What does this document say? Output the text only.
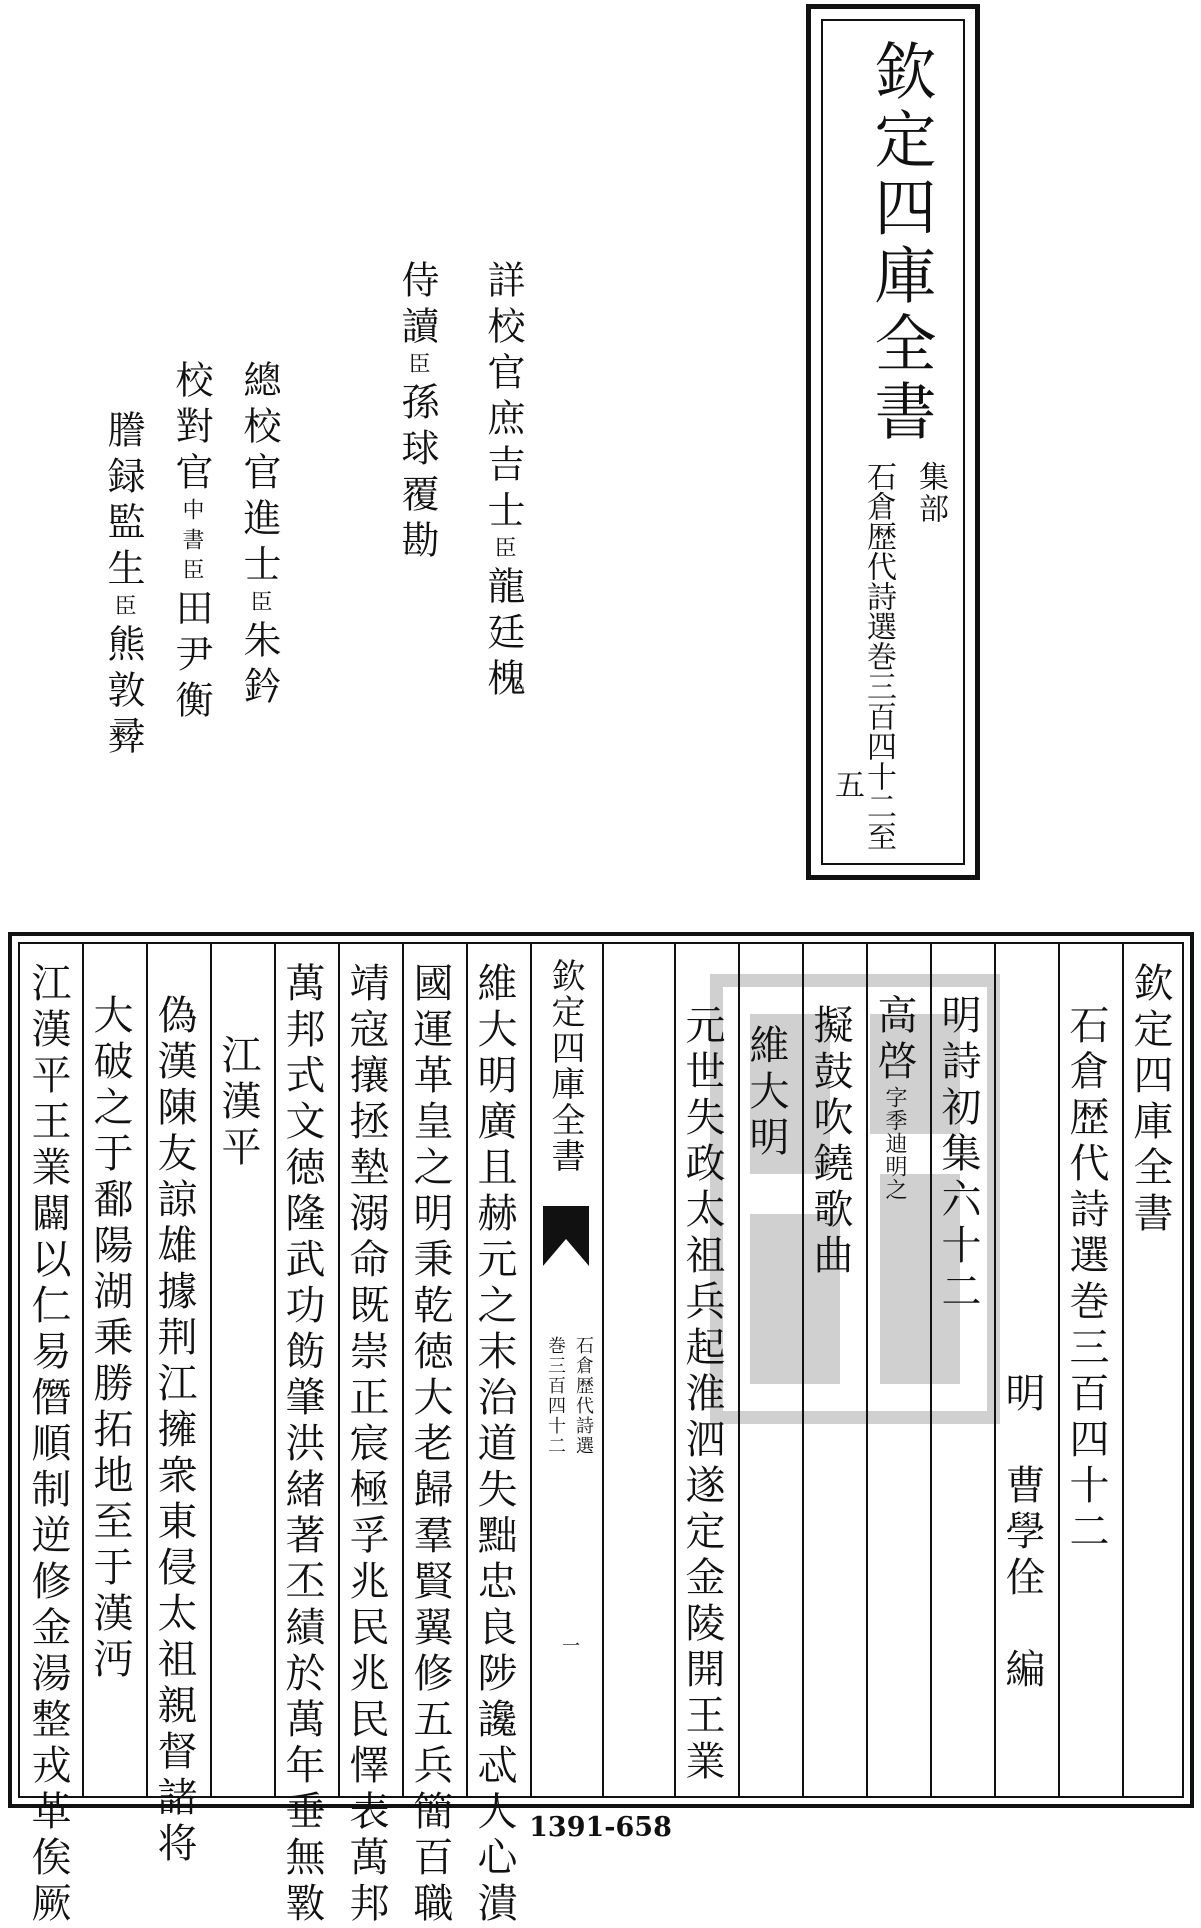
欽定四庫全書
集部
石倉歴代詩選巻三百四十二至
五
詳校官庶吉士臣龍廷槐
侍讀臣孫球覆勘
總校官進士臣朱鈐
校對官中書臣田尹衡
謄録監生臣熊敦彛
欽定四庫全書
石倉歴代詩選巻三百四十二
明
曹學佺　編
明詩初集六十二
高啓字季迪明之
擬鼓吹鐃歌曲
維大明
元世失政太祖兵起淮泗遂定金陵開王業
欽定四庫全書
石倉歴代詩選
巻三百四十二
一
維大明廣且赫元之末治道失黜忠良陟讒忒人心潰
國運革皇之明秉乾徳大老歸羣賢翼修五兵簡百職
靖寇攘拯墊溺命既崇正宸極孚兆民兆民懌表萬邦
萬邦式文徳隆武功飭肇洪緒著丕績於萬年垂無斁
江漢平
偽漢陳友諒雄據荆江擁衆東侵太祖親督諸将
大破之于鄱陽湖乗勝拓地至于漢沔
江漢平王業闢以仁易僭順制逆修金湯整戎革俟厥	1391-658
